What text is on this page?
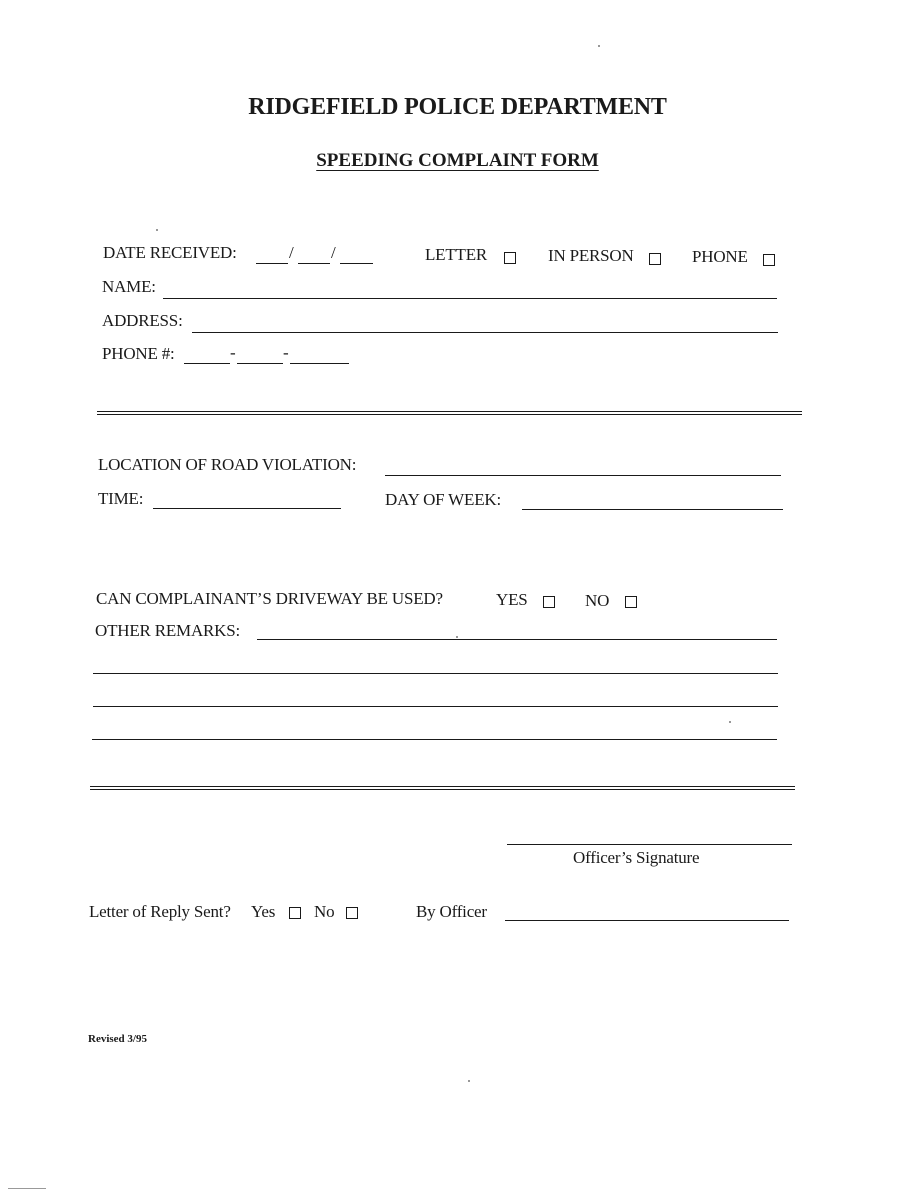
RIDGEFIELD POLICE DEPARTMENT
SPEEDING COMPLAINT FORM
DATE RECEIVED:	/ /	LETTER	IN PERSON	PHONE
NAME:
ADDRESS:
PHONE #:	-	-
LOCATION OF ROAD VIOLATION:
TIME:	DAY OF WEEK:
CAN COMPLAINANT’S DRIVEWAY BE USED?	YES	NO
OTHER REMARKS:
Officer’s Signature
Letter of Reply Sent? Yes No	By Officer
Revised 3/95
